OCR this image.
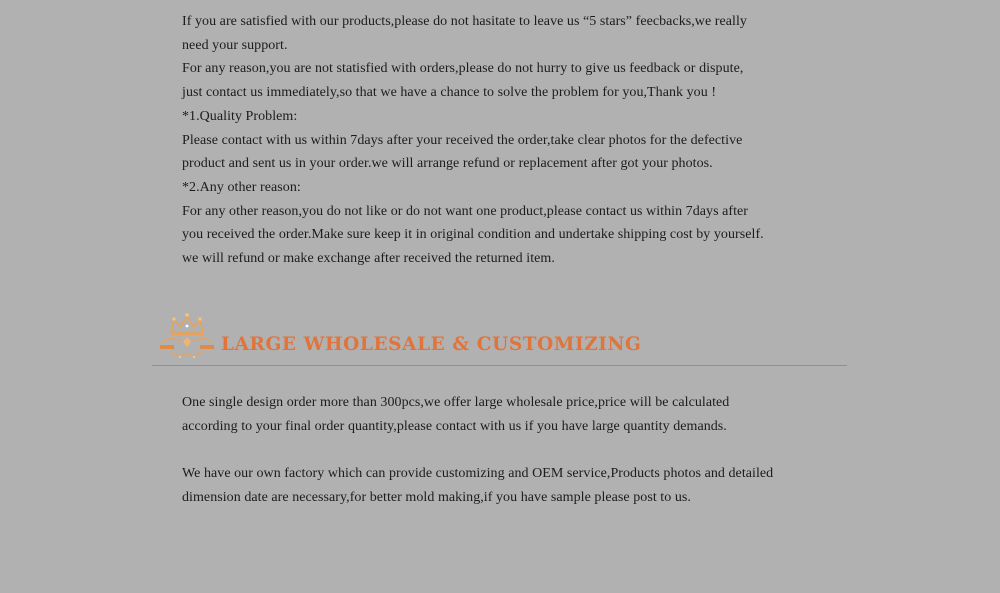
If you are satisfied with our products,please do not hasitate to leave us “5 stars” feecbacks,we really
need your support.
For any reason,you are not statisfied with orders,please do not hurry to give us feedback or dispute,
just contact us immediately,so that we have a chance to solve the problem for you,Thank you !
*1.Quality Problem:
Please contact with us within 7days after your received the order,take clear photos for the defective
product and sent us in your order.we will arrange refund or replacement after got your photos.
*2.Any other reason:
For any other reason,you do not like or do not want one product,please contact us within 7days after
you received the order.Make sure keep it in original condition and undertake shipping cost by yourself.
we will refund or make exchange after received the returned item.
LARGE WHOLESALE & CUSTOMIZING
One single design order more than 300pcs,we offer large wholesale price,price will be calculated
according to your final order quantity,please contact with us if you have large quantity demands.
We have our own factory which can provide customizing and OEM service,Products photos and detailed
dimension date are necessary,for better mold making,if you have sample please post to us.
